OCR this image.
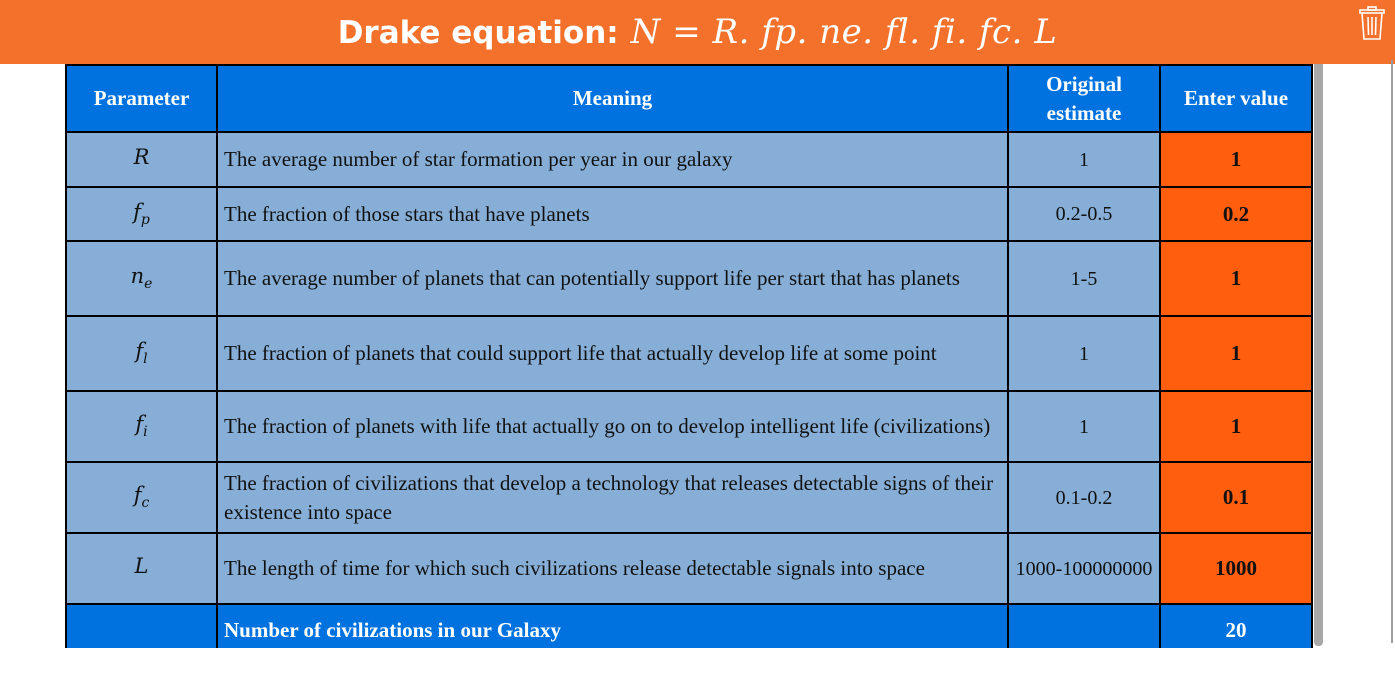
Drake equation: N = R. fp. ne. fl. fi. fc. L
Parameter	Meaning	Original estimate	Enter value
R	The average number of star formation per year in our galaxy	1	1
$f_p$	The fraction of those stars that have planets	0.2-0.5	0.2
$n_e$	The average number of planets that can potentially support life per start that has planets	1-5	1
$f_l$	The fraction of planets that could support life that actually develop life at some point	1	1
$f_i$	The fraction of planets with life that actually go on to develop intelligent life (civilizations)	1	1
$f_c$	The fraction of civilizations that develop a technology that releases detectable signs of their existence into space	0.1-0.2	0.1
L	The length of time for which such civilizations release detectable signals into space	1000-100000000	1000
	Number of civilizations in our Galaxy		20
